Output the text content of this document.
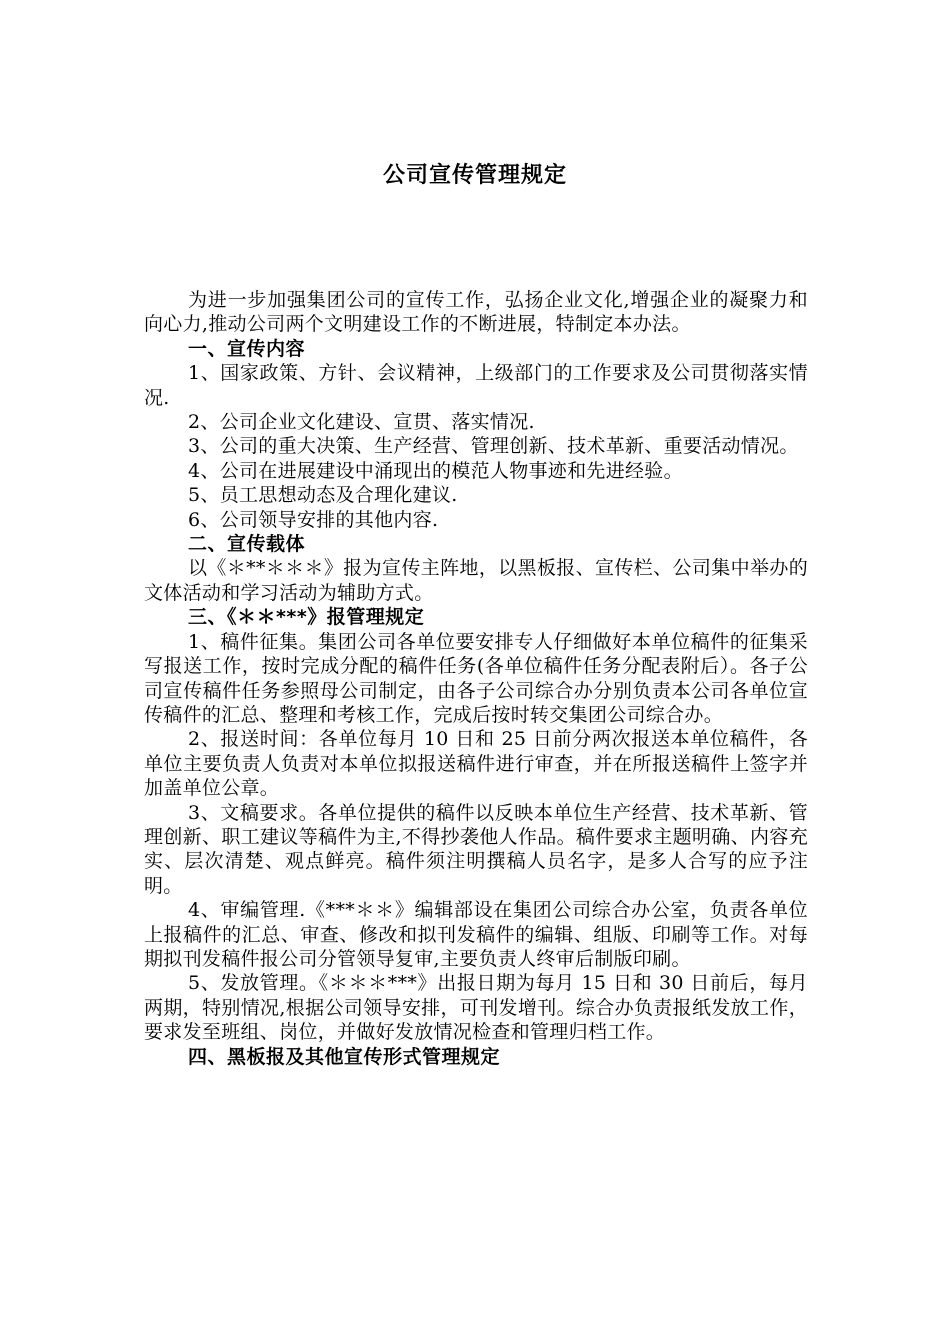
公司宣传管理规定

为进一步加强集团公司的宣传工作，弘扬企业文化,增强企业的凝聚力和向心力,推动公司两个文明建设工作的不断进展，特制定本办法。

一、宣传内容

1、国家政策、方针、会议精神，上级部门的工作要求及公司贯彻落实情况.

2、公司企业文化建设、宣贯、落实情况.

3、公司的重大决策、生产经营、管理创新、技术革新、重要活动情况。

4、公司在进展建设中涌现出的模范人物事迹和先进经验。

5、员工思想动态及合理化建议.

6、公司领导安排的其他内容.

二、宣传载体

以《＊**＊＊＊》报为宣传主阵地，以黑板报、宣传栏、公司集中举办的文体活动和学习活动为辅助方式。

三、《＊＊***》报管理规定

1、稿件征集。集团公司各单位要安排专人仔细做好本单位稿件的征集采写报送工作，按时完成分配的稿件任务(各单位稿件任务分配表附后）。各子公司宣传稿件任务参照母公司制定，由各子公司综合办分别负责本公司各单位宣传稿件的汇总、整理和考核工作，完成后按时转交集团公司综合办。

2、报送时间：各单位每月 10 日和 25 日前分两次报送本单位稿件，各单位主要负责人负责对本单位拟报送稿件进行审查，并在所报送稿件上签字并加盖单位公章。

3、文稿要求。各单位提供的稿件以反映本单位生产经营、技术革新、管理创新、职工建议等稿件为主,不得抄袭他人作品。稿件要求主题明确、内容充实、层次清楚、观点鲜亮。稿件须注明撰稿人员名字，是多人合写的应予注明。

4、审编管理.《***＊＊》编辑部设在集团公司综合办公室，负责各单位上报稿件的汇总、审查、修改和拟刊发稿件的编辑、组版、印刷等工作。对每期拟刊发稿件报公司分管领导复审,主要负责人终审后制版印刷。

5、发放管理。《＊＊＊***》出报日期为每月 15 日和 30 日前后，每月两期，特别情况,根据公司领导安排，可刊发增刊。综合办负责报纸发放工作，要求发至班组、岗位，并做好发放情况检查和管理归档工作。

四、黑板报及其他宣传形式管理规定
